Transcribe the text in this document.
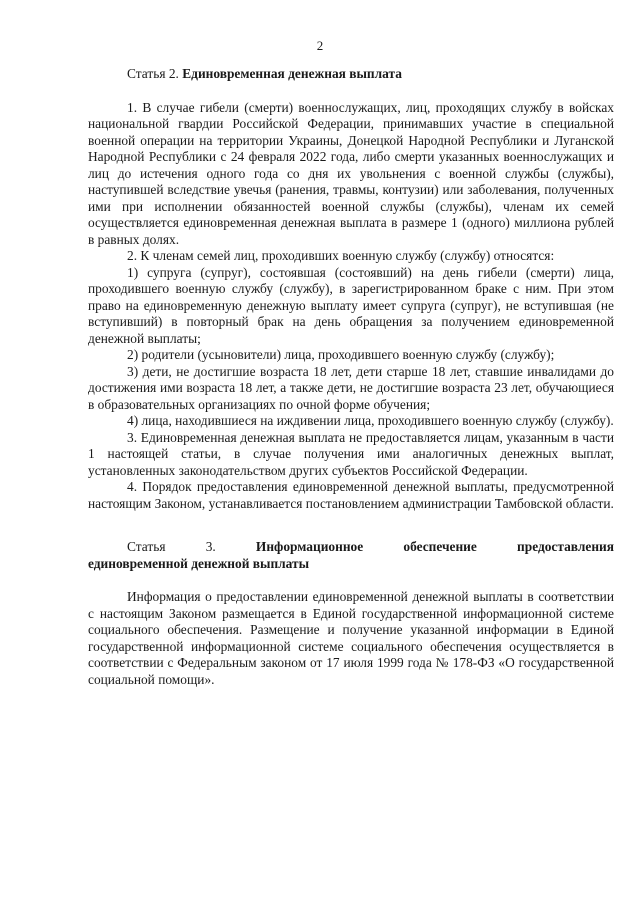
2

Статья 2. Единовременная денежная выплата

1. В случае гибели (смерти) военнослужащих, лиц, проходящих службу в войсках национальной гвардии Российской Федерации, принимавших участие в специальной военной операции на территории Украины, Донецкой Народной Республики и Луганской Народной Республики с 24 февраля 2022 года, либо смерти указанных военнослужащих и лиц до истечения одного года со дня их увольнения с военной службы (службы), наступившей вследствие увечья (ранения, травмы, контузии) или заболевания, полученных ими при исполнении обязанностей военной службы (службы), членам их семей осуществляется единовременная денежная выплата в размере 1 (одного) миллиона рублей в равных долях.

2. К членам семей лиц, проходивших военную службу (службу) относятся:

1) супруга (супруг), состоявшая (состоявший) на день гибели (смерти) лица, проходившего военную службу (службу), в зарегистрированном браке с ним. При этом право на единовременную денежную выплату имеет супруга (супруг), не вступившая (не вступивший) в повторный брак на день обращения за получением единовременной денежной выплаты;

2) родители (усыновители) лица, проходившего военную службу (службу);

3) дети, не достигшие возраста 18 лет, дети старше 18 лет, ставшие инвалидами до достижения ими возраста 18 лет, а также дети, не достигшие возраста 23 лет, обучающиеся в образовательных организациях по очной форме обучения;

4) лица, находившиеся на иждивении лица, проходившего военную службу (службу).

3. Единовременная денежная выплата не предоставляется лицам, указанным в части 1 настоящей статьи, в случае получения ими аналогичных денежных выплат, установленных законодательством других субъектов Российской Федерации.

4. Порядок предоставления единовременной денежной выплаты, предусмотренной настоящим Законом, устанавливается постановлением администрации Тамбовской области.

Статья	3.	Информационное	обеспечение	предоставления

единовременной денежной выплаты

Информация о предоставлении единовременной денежной выплаты в соответствии с настоящим Законом размещается в Единой государственной информационной системе социального обеспечения. Размещение и получение указанной информации в Единой государственной информационной системе социального обеспечения осуществляется в соответствии с Федеральным законом от 17 июля 1999 года № 178-ФЗ «О государственной социальной помощи».
